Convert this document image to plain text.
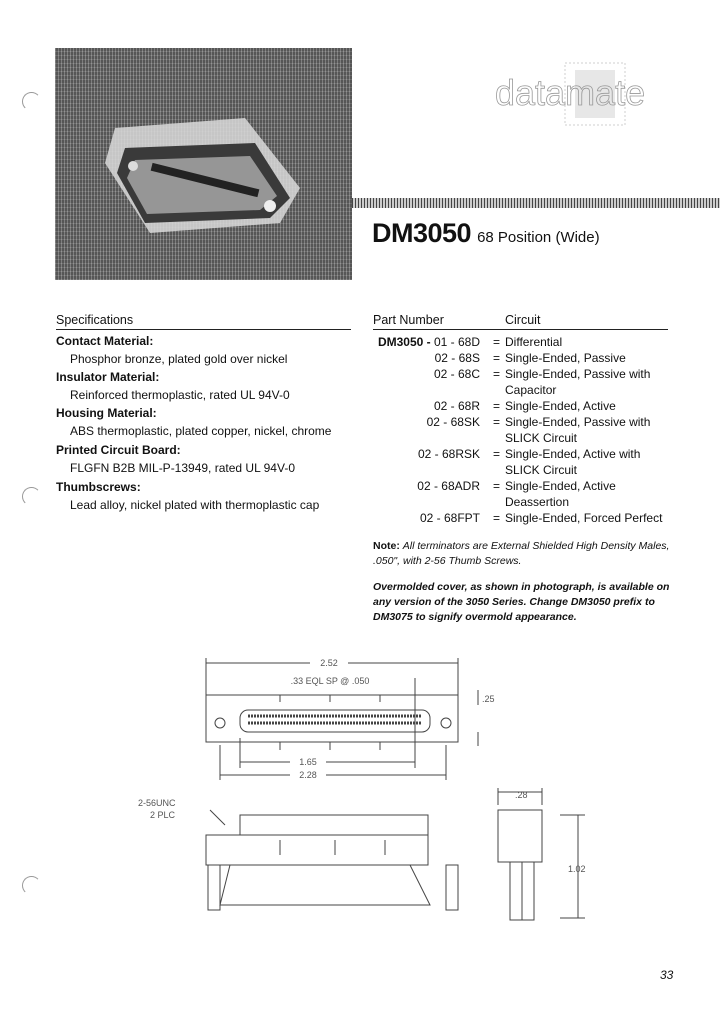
datamate
DM3050 68 Position (Wide)
Specifications
Contact Material:
Phosphor bronze, plated gold over nickel
Insulator Material:
Reinforced thermoplastic, rated UL 94V-0
Housing Material:
ABS thermoplastic, plated copper, nickel, chrome
Printed Circuit Board:
FLGFN B2B MIL-P-13949, rated UL 94V-0
Thumbscrews:
Lead alloy, nickel plated with thermoplastic cap
Part Number	Circuit
DM3050 - 01 - 68D = Differential
02 - 68S = Single-Ended, Passive
02 - 68C = Single-Ended, Passive with
Capacitor
02 - 68R = Single-Ended, Active
02 - 68SK = Single-Ended, Passive with
SLICK Circuit
02 - 68RSK = Single-Ended, Active with
SLICK Circuit
02 - 68ADR = Single-Ended, Active
Deassertion
02 - 68FPT = Single-Ended, Forced Perfect
Note: All terminators are External Shielded High Density Males, .050", with 2-56 Thumb Screws.
Overmolded cover, as shown in photograph, is available on any version of the 3050 Series. Change DM3050 prefix to DM3075 to signify overmold appearance.
2.52
.33 EQL SP @ .050
.25
1.65
2.28
2-56UNC
2 PLC
.28
1.02
33
